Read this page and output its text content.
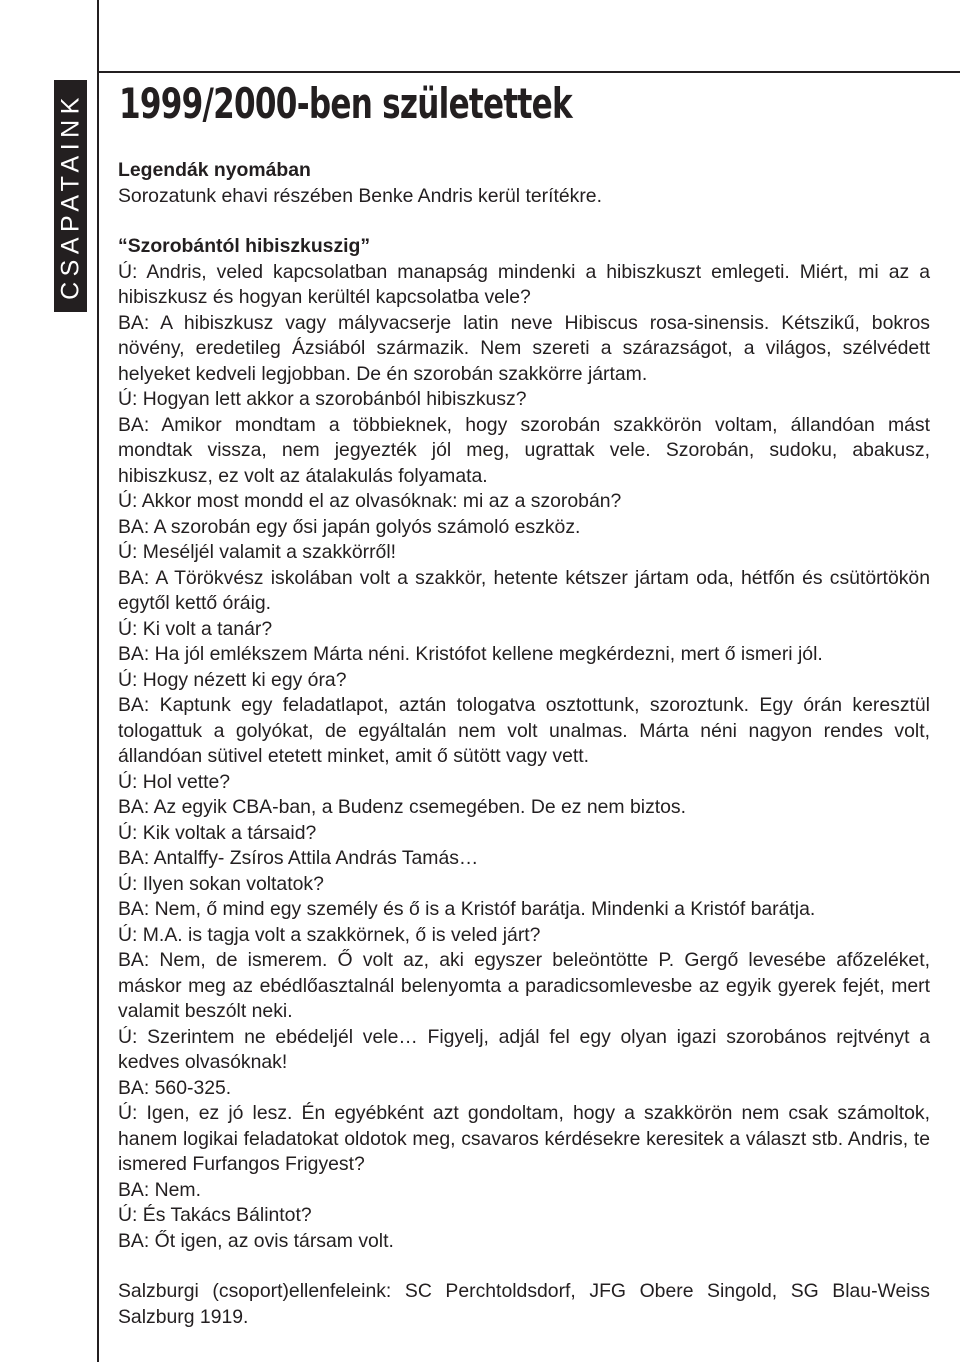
CSAPATAINK 1999/2000-ben születettek

Legendák nyomában

Sorozatunk ehavi részében Benke Andris kerül terítékre.

“Szorobántól hibiszkuszig”

Ú: Andris, veled kapcsolatban manapság mindenki a hibiszkuszt emlegeti. Miért, mi az a hibiszkusz és hogyan kerültél kapcsolatba vele?

BA: A hibiszkusz vagy mályvacserje latin neve Hibiscus rosa-sinensis. Kétszikű, bokros növény, eredetileg Ázsiából származik. Nem szereti a szárazságot, a világos, szélvédett helyeket kedveli legjobban. De én szorobán szakkörre jártam.

Ú: Hogyan lett akkor a szorobánból hibiszkusz?

BA: Amikor mondtam a többieknek, hogy szorobán szakkörön voltam, állandóan mást mondtak vissza, nem jegyezték jól meg, ugrattak vele. Szorobán, sudoku, abakusz, hibiszkusz, ez volt az átalakulás folyamata.

Ú: Akkor most mondd el az olvasóknak: mi az a szorobán?

BA: A szorobán egy ősi japán golyós számoló eszköz.

Ú: Meséljél valamit a szakkörről!

BA: A Törökvész iskolában volt a szakkör, hetente kétszer jártam oda, hétfőn és csütörtökön egytől kettő óráig.

Ú: Ki volt a tanár?

BA: Ha jól emlékszem Márta néni. Kristófot kellene megkérdezni, mert ő ismeri jól.

Ú: Hogy nézett ki egy óra?

BA: Kaptunk egy feladatlapot, aztán tologatva osztottunk, szoroztunk. Egy órán keresztül tologattuk a golyókat, de egyáltalán nem volt unalmas. Márta néni nagyon rendes volt, állandóan sütivel etetett minket, amit ő sütött vagy vett.

Ú: Hol vette?

BA: Az egyik CBA-ban, a Budenz csemegében. De ez nem biztos.

Ú: Kik voltak a társaid?

BA: Antalffy- Zsíros Attila András Tamás…

Ú: Ilyen sokan voltatok?

BA: Nem, ő mind egy személy és ő is a Kristóf barátja. Mindenki a Kristóf barátja.

Ú: M.A. is tagja volt a szakkörnek, ő is veled járt?

BA: Nem, de ismerem. Ő volt az, aki egyszer beleöntötte P. Gergő levesébe afőzeléket, máskor meg az ebédlőasztalnál belenyomta a paradicsomlevesbe az egyik gyerek fejét, mert valamit beszólt neki.

Ú: Szerintem ne ebédeljél vele… Figyelj, adjál fel egy olyan igazi szorobános rejtvényt a kedves olvasóknak!

BA: 560-325.

Ú: Igen, ez jó lesz. Én egyébként azt gondoltam, hogy a szakkörön nem csak számoltok, hanem logikai feladatokat oldotok meg, csavaros kérdésekre keresitek a választ stb. Andris, te ismered Furfangos Frigyest?

BA: Nem.

Ú: És Takács Bálintot?

BA: Őt igen, az ovis társam volt.

Salzburgi (csoport)ellenfeleink: SC Perchtoldsdorf, JFG Obere Singold, SG Blau-Weiss Salzburg 1919.
